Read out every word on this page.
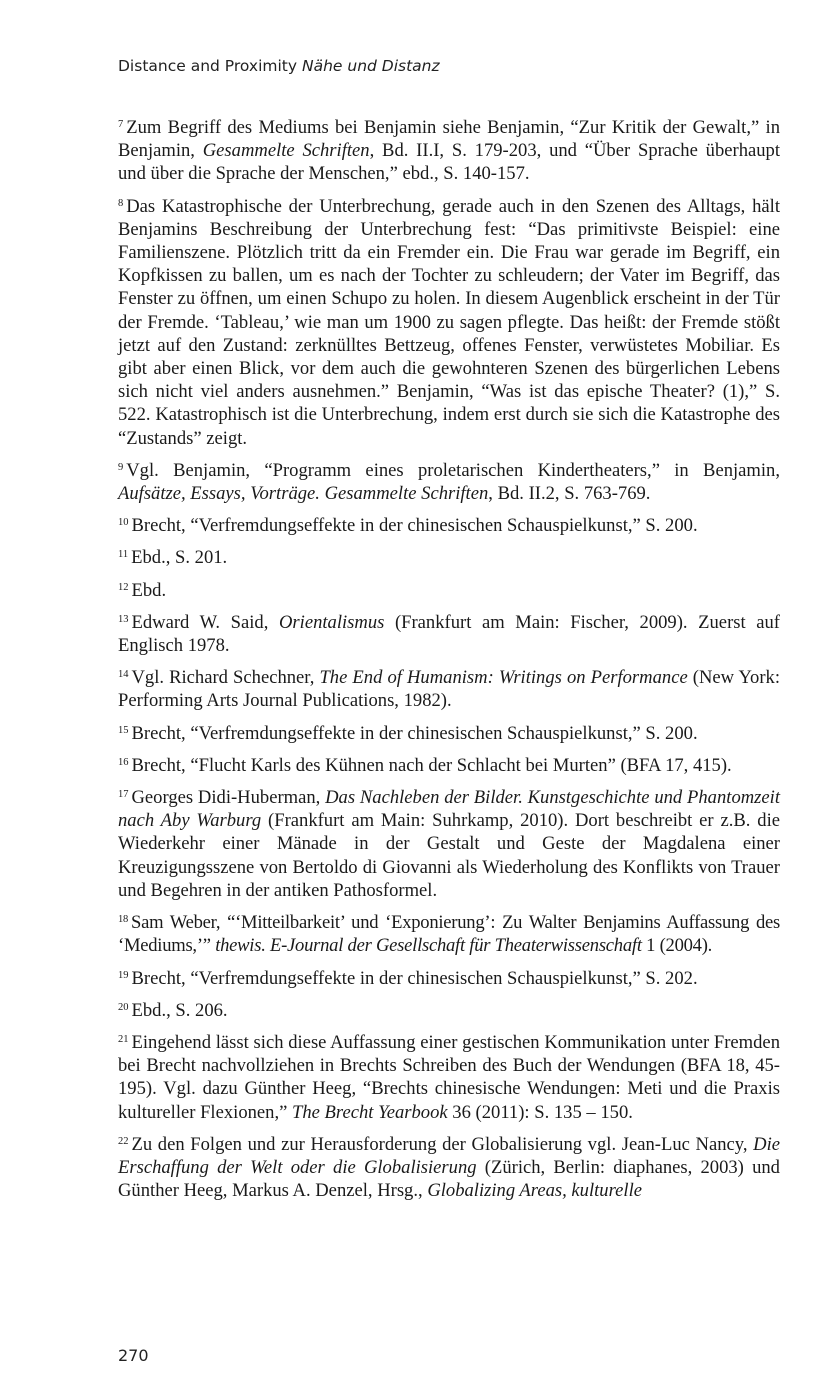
Distance and Proximity Nähe und Distanz

$^7$ Zum Begriff des Mediums bei Benjamin siehe Benjamin, “Zur Kritik der Gewalt,” in Benjamin, Gesammelte Schriften, Bd. II.I, S. 179-203, und “Über Sprache überhaupt und über die Sprache der Menschen,” ebd., S. 140-157.

$^8$ Das Katastrophische der Unterbrechung, gerade auch in den Szenen des Alltags, hält Benjamins Beschreibung der Unterbrechung fest: “Das primitivste Beispiel: eine Familienszene. Plötzlich tritt da ein Fremder ein. Die Frau war gerade im Begriff, ein Kopfkissen zu ballen, um es nach der Tochter zu schleudern; der Vater im Begriff, das Fenster zu öffnen, um einen Schupo zu holen. In diesem Augenblick erscheint in der Tür der Fremde. ‘Tableau,’ wie man um 1900 zu sagen pflegte. Das heißt: der Fremde stößt jetzt auf den Zustand: zerknülltes Bettzeug, offenes Fenster, verwüstetes Mobiliar. Es gibt aber einen Blick, vor dem auch die gewohnteren Szenen des bürgerlichen Lebens sich nicht viel anders ausnehmen.” Benjamin, “Was ist das epische Theater? (1),” S. 522. Katastrophisch ist die Unterbrechung, indem erst durch sie sich die Katastrophe des “Zustands” zeigt.

$^9$ Vgl. Benjamin, “Programm eines proletarischen Kindertheaters,” in Benjamin, Aufsätze, Essays, Vorträge. Gesammelte Schriften, Bd. II.2, S. 763-769.

$^{10}$ Brecht, “Verfremdungseffekte in der chinesischen Schauspielkunst,” S. 200.

$^{11}$ Ebd., S. 201.

$^{12}$ Ebd.

$^{13}$ Edward W. Said, Orientalismus (Frankfurt am Main: Fischer, 2009). Zuerst auf Englisch 1978.

$^{14}$ Vgl. Richard Schechner, The End of Humanism: Writings on Performance (New York: Performing Arts Journal Publications, 1982).

$^{15}$ Brecht, “Verfremdungseffekte in der chinesischen Schauspielkunst,” S. 200.

$^{16}$ Brecht, “Flucht Karls des Kühnen nach der Schlacht bei Murten” (BFA 17, 415).

$^{17}$ Georges Didi-Huberman, Das Nachleben der Bilder. Kunstgeschichte und Phantomzeit nach Aby Warburg (Frankfurt am Main: Suhrkamp, 2010). Dort beschreibt er z.B. die Wiederkehr einer Mänade in der Gestalt und Geste der Magdalena einer Kreuzigungsszene von Bertoldo di Giovanni als Wiederholung des Konflikts von Trauer und Begehren in der antiken Pathosformel.

$^{18}$ Sam Weber, “‘Mitteilbarkeit’ und ‘Exponierung’: Zu Walter Benjamins Auffassung des ‘Mediums,’” thewis. E-Journal der Gesellschaft für Theaterwissenschaft 1 (2004).

$^{19}$ Brecht, “Verfremdungseffekte in der chinesischen Schauspielkunst,” S. 202.

$^{20}$ Ebd., S. 206.

$^{21}$ Eingehend lässt sich diese Auffassung einer gestischen Kommunikation unter Fremden bei Brecht nachvollziehen in Brechts Schreiben des Buch der Wendungen (BFA 18, 45-195). Vgl. dazu Günther Heeg, “Brechts chinesische Wendungen: Meti und die Praxis kultureller Flexionen,” The Brecht Yearbook 36 (2011): S. 135 – 150.

$^{22}$ Zu den Folgen und zur Herausforderung der Globalisierung vgl. Jean-Luc Nancy, Die Erschaffung der Welt oder die Globalisierung (Zürich, Berlin: diaphanes, 2003) und Günther Heeg, Markus A. Denzel, Hrsg., Globalizing Areas, kulturelle

270
